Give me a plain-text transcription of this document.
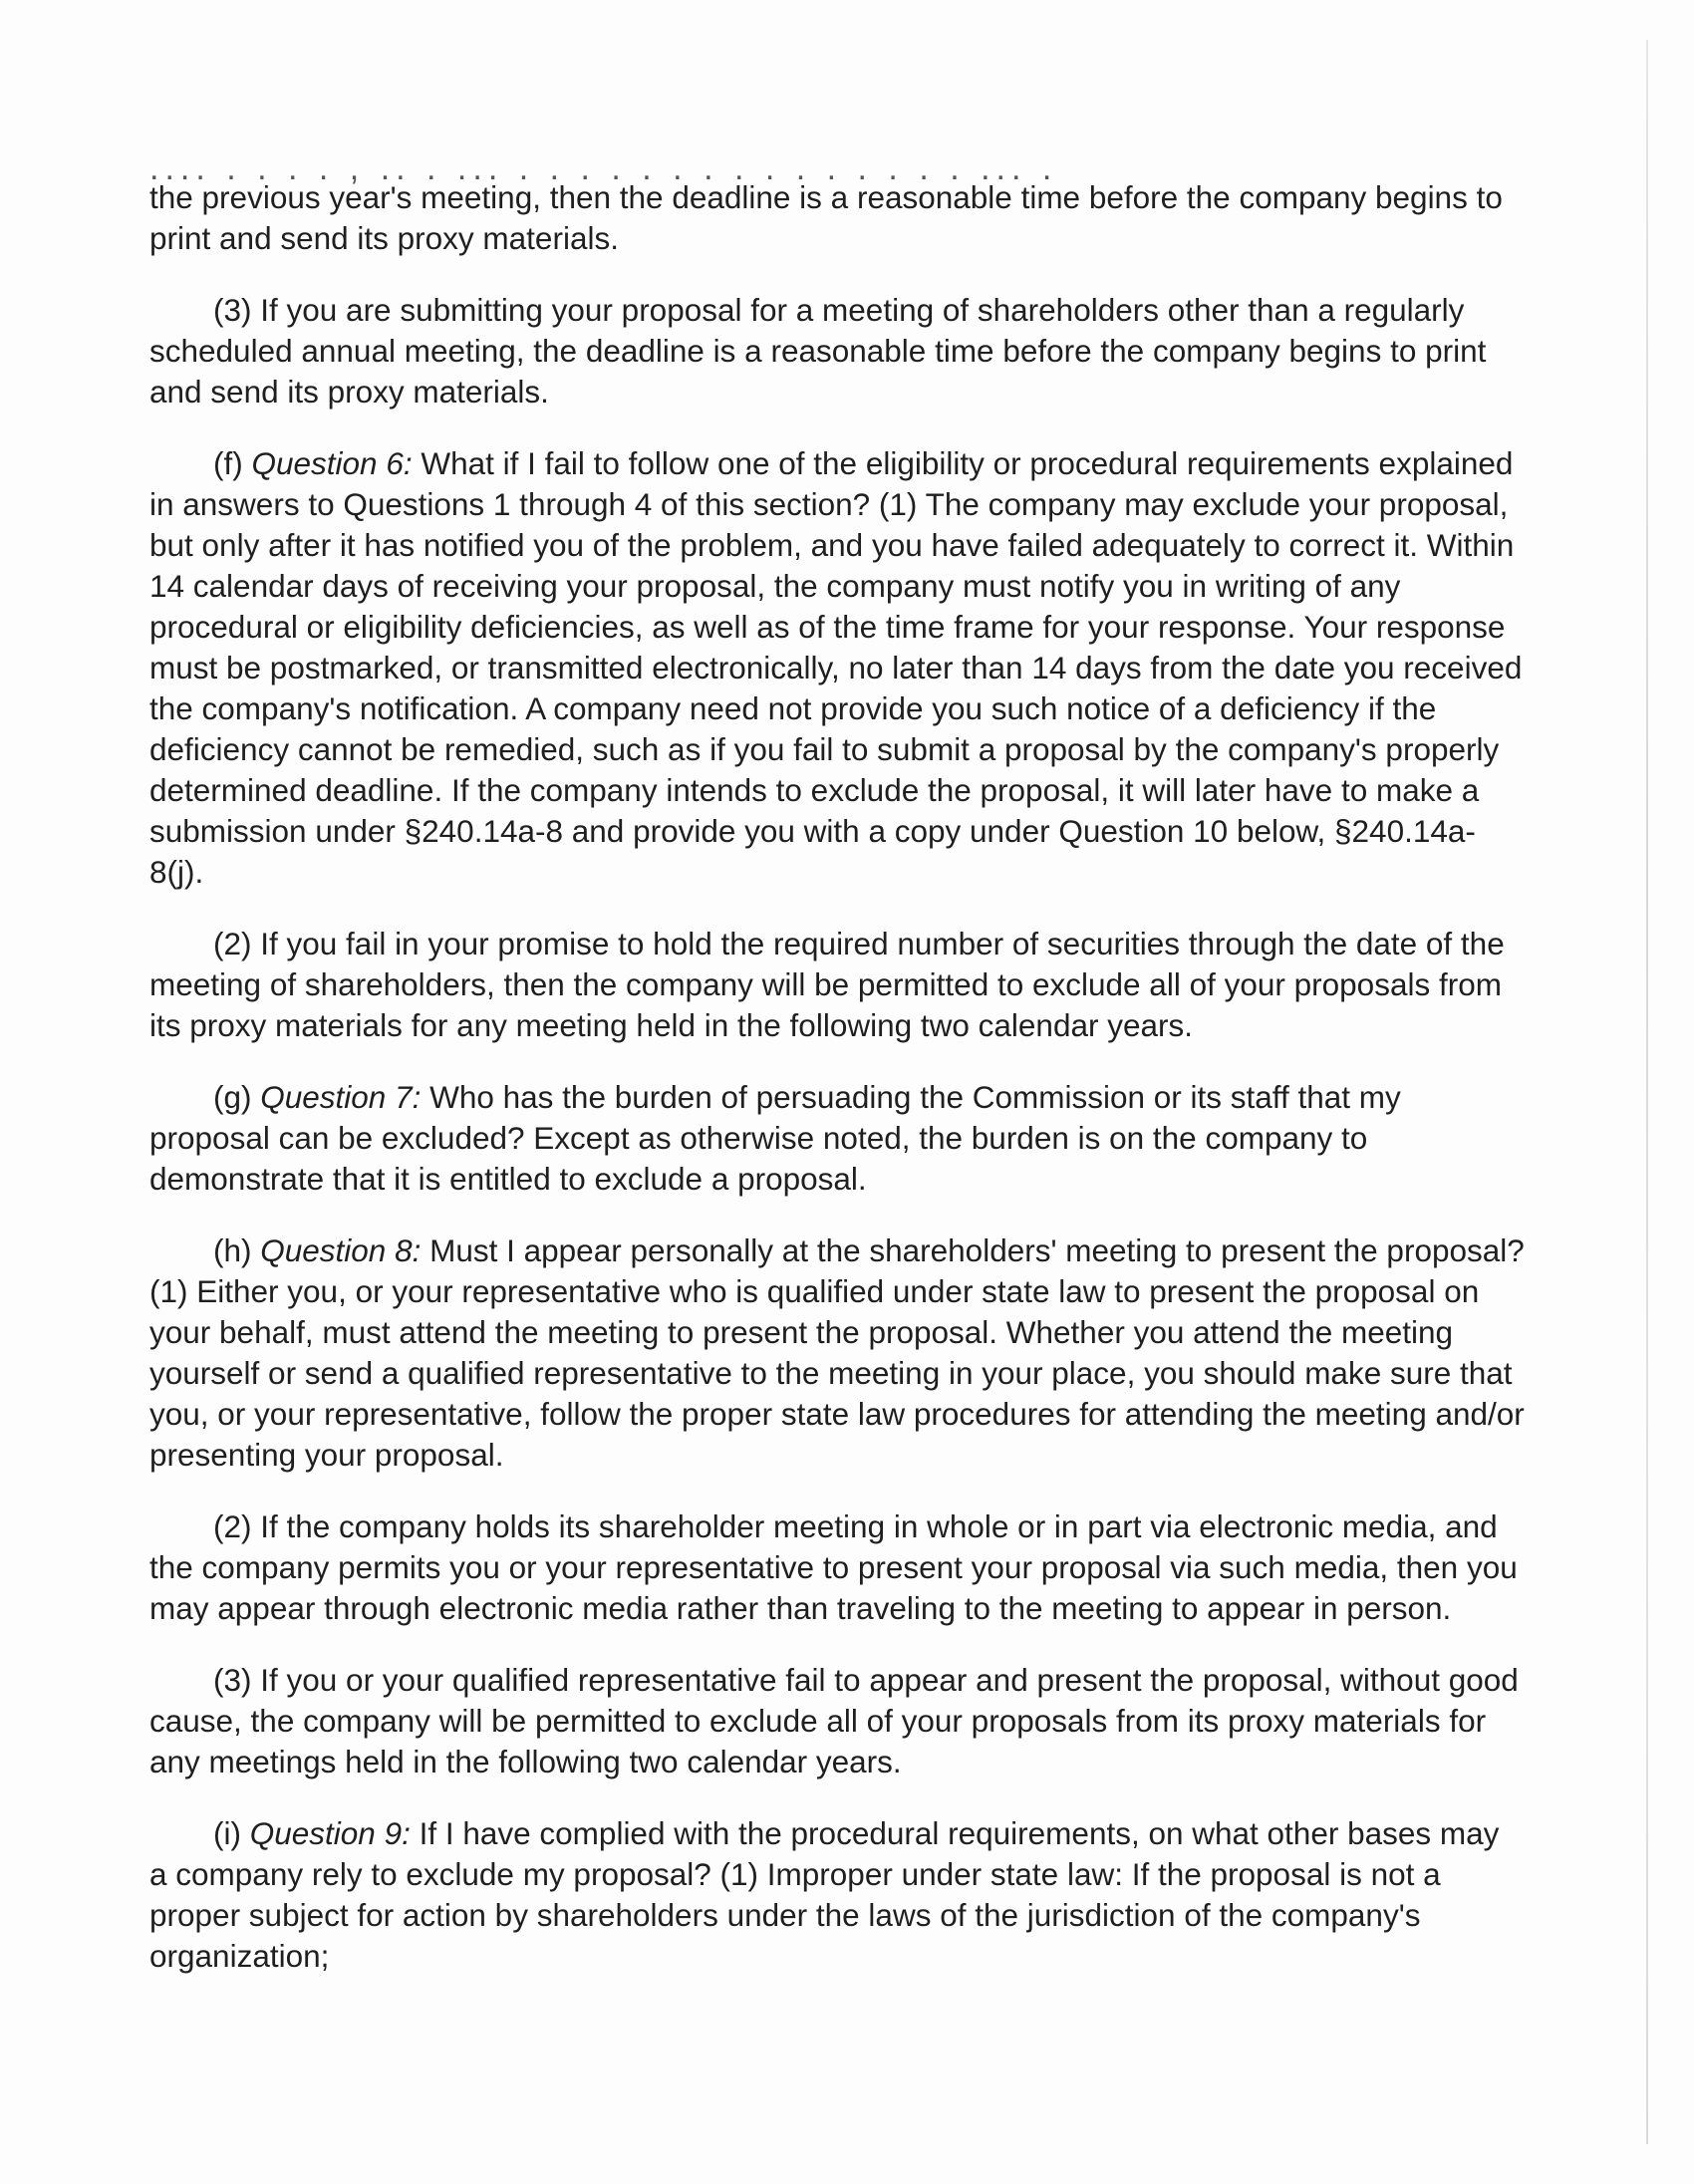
.... . . . . , .. . ... . . . . . . . . . . . . . . . ... .

the previous year's meeting, then the deadline is a reasonable time before the company begins to print and send its proxy materials.

(3) If you are submitting your proposal for a meeting of shareholders other than a regularly scheduled annual meeting, the deadline is a reasonable time before the company begins to print and send its proxy materials.

(f) Question 6: What if I fail to follow one of the eligibility or procedural requirements explained in answers to Questions 1 through 4 of this section? (1) The company may exclude your proposal, but only after it has notified you of the problem, and you have failed adequately to correct it. Within 14 calendar days of receiving your proposal, the company must notify you in writing of any procedural or eligibility deficiencies, as well as of the time frame for your response. Your response must be postmarked, or transmitted electronically, no later than 14 days from the date you received the company's notification. A company need not provide you such notice of a deficiency if the deficiency cannot be remedied, such as if you fail to submit a proposal by the company's properly determined deadline. If the company intends to exclude the proposal, it will later have to make a submission under §240.14a-8 and provide you with a copy under Question 10 below, §240.14a-8(j).

(2) If you fail in your promise to hold the required number of securities through the date of the meeting of shareholders, then the company will be permitted to exclude all of your proposals from its proxy materials for any meeting held in the following two calendar years.

(g) Question 7: Who has the burden of persuading the Commission or its staff that my proposal can be excluded? Except as otherwise noted, the burden is on the company to demonstrate that it is entitled to exclude a proposal.

(h) Question 8: Must I appear personally at the shareholders' meeting to present the proposal? (1) Either you, or your representative who is qualified under state law to present the proposal on your behalf, must attend the meeting to present the proposal. Whether you attend the meeting yourself or send a qualified representative to the meeting in your place, you should make sure that you, or your representative, follow the proper state law procedures for attending the meeting and/or presenting your proposal.

(2) If the company holds its shareholder meeting in whole or in part via electronic media, and the company permits you or your representative to present your proposal via such media, then you may appear through electronic media rather than traveling to the meeting to appear in person.

(3) If you or your qualified representative fail to appear and present the proposal, without good cause, the company will be permitted to exclude all of your proposals from its proxy materials for any meetings held in the following two calendar years.

(i) Question 9: If I have complied with the procedural requirements, on what other bases may a company rely to exclude my proposal? (1) Improper under state law: If the proposal is not a proper subject for action by shareholders under the laws of the jurisdiction of the company's organization;
